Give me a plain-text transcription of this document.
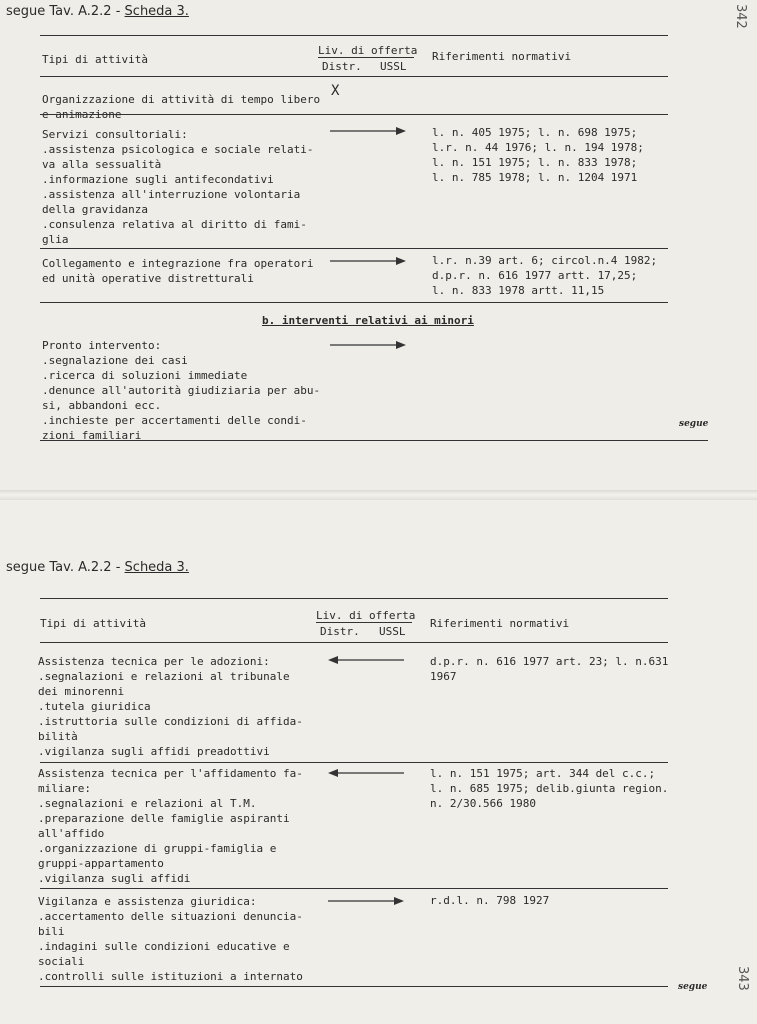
segue Tav. A.2.2 - Scheda 3.	342
Tipi di attività
Liv. di offerta
Distr. USSL
Riferimenti normativi
Organizzazione di attività di tempo libero
e animazione
X
Servizi consultoriali:
.assistenza psicologica e sociale relati-
va alla sessualità
.informazione sugli antifecondativi
.assistenza all'interruzione volontaria
della gravidanza
.consulenza relativa al diritto di fami-
glia
l. n. 405 1975; l. n. 698 1975;
l.r. n. 44 1976; l. n. 194 1978;
l. n. 151 1975; l. n. 833 1978;
l. n. 785 1978; l. n. 1204 1971
Collegamento e integrazione fra operatori
ed unità operative distretturali
l.r. n.39 art. 6; circol.n.4 1982;
d.p.r. n. 616 1977 artt. 17,25;
l. n. 833 1978 artt. 11,15
b. interventi relativi ai minori
Pronto intervento:
.segnalazione dei casi
.ricerca di soluzioni immediate
.denunce all'autorità giudiziaria per abu-
si, abbandoni ecc.
.inchieste per accertamenti delle condi-
zioni familiari
segue
segue Tav. A.2.2 - Scheda 3.
Tipi di attività
Liv. di offerta
Distr. USSL
Riferimenti normativi
Assistenza tecnica per le adozioni:
.segnalazioni e relazioni al tribunale
dei minorenni
.tutela giuridica
.istruttoria sulle condizioni di affida-
bilità
.vigilanza sugli affidi preadottivi
d.p.r. n. 616 1977 art. 23; l. n.631
1967
Assistenza tecnica per l'affidamento fa-
miliare:
.segnalazioni e relazioni al T.M.
.preparazione delle famiglie aspiranti
all'affido
.organizzazione di gruppi-famiglia e
gruppi-appartamento
.vigilanza sugli affidi
l. n. 151 1975; art. 344 del c.c.;
l. n. 685 1975; delib.giunta region.
n. 2/30.566 1980
Vigilanza e assistenza giuridica:
.accertamento delle situazioni denuncia-
bili
.indagini sulle condizioni educative e
sociali
.controlli sulle istituzioni a internato
r.d.l. n. 798 1927
segue 343
